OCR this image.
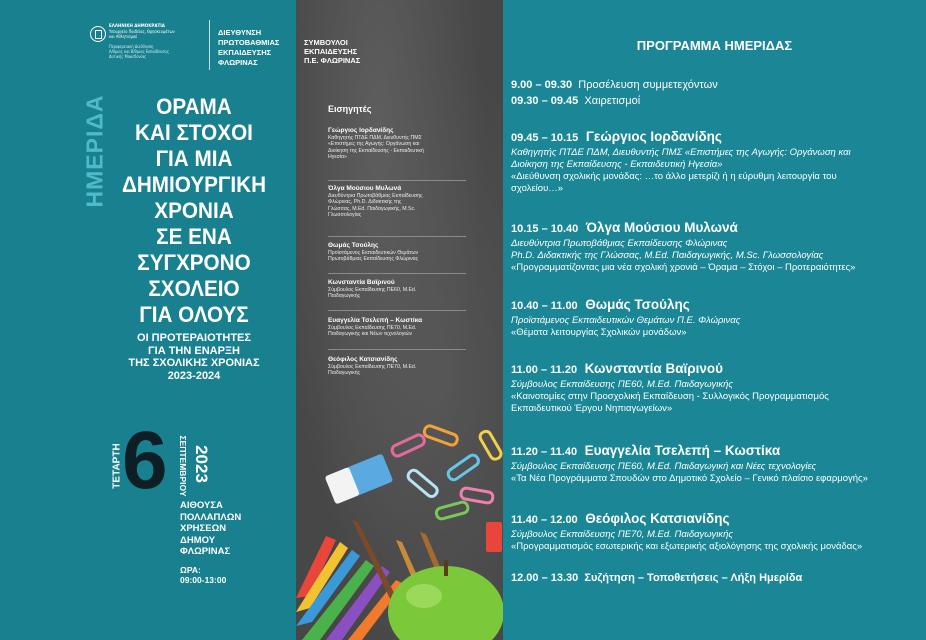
ΕΛΛΗΝΙΚΗ ΔΗΜΟΚΡΑΤΙΑ
Υπουργείο Παιδείας, Θρησκευμάτων
και Αθλητισμού
Περιφερειακή Διεύθυνση
Α/θμιας και Β/θμιας Εκπαίδευσης
Δυτικής Μακεδονίας
ΔΙΕΥΘΥΝΣΗ
ΠΡΩΤΟΒΑΘΜΙΑΣ
ΕΚΠΑΙΔΕΥΣΗΣ
ΦΛΩΡΙΝΑΣ
ΗΜΕΡΙΔΑ	ΟΡΑΜΑ
ΚΑΙ ΣΤΟΧΟΙ
ΓΙΑ ΜΙΑ
ΔΗΜΙΟΥΡΓΙΚΗ
ΧΡΟΝΙΑ
ΣΕ ΕΝΑ
ΣΥΓΧΡΟΝΟ
ΣΧΟΛΕΙΟ
ΓΙΑ ΟΛΟΥΣ
ΟΙ ΠΡΟΤΕΡΑΙΟΤΗΤΕΣ
ΓΙΑ ΤΗΝ ΕΝΑΡΞΗ
ΤΗΣ ΣΧΟΛΙΚΗΣ ΧΡΟΝΙΑΣ
2023-2024
ΤΕΤΑΡΤΗ 6 ΣΕΠΤΕΜΒΡΙΟΥ 2023
ΑΙΘΟΥΣΑ
ΠΟΛΛΑΠΛΩΝ
ΧΡΗΣΕΩΝ
ΔΗΜΟΥ
ΦΛΩΡΙΝΑΣ
ΩΡΑ:
09:00-13:00
ΣΥΜΒΟΥΛΟΙ
ΕΚΠΑΙΔΕΥΣΗΣ
Π.Ε. ΦΛΩΡΙΝΑΣ
Εισηγητές
Γεώργιος Ιορδανίδης
Καθηγητής ΠΤΔΕ ΠΔΜ, Διευθυντής ΠΜΣ
«Επιστήμες της Αγωγής: Οργάνωση και
Διοίκηση της Εκπαίδευσης - Εκπαιδευτική
Ηγεσία»
Όλγα Μούσιου Μυλωνά
Διευθύντρια Πρωτοβάθμιας Εκπαίδευσης
Φλώρινας, Ph.D. Διδακτικής της
Γλώσσας, M.Ed. Παιδαγωγικής, M.Sc.
Γλωσσολογίας
Θωμάς Τσούλης
Προϊστάμενος Εκπαιδευτικών Θεμάτων
Πρωτοβάθμιας Εκπαίδευσης Φλώρινας
Κωνσταντία Βαϊρινού
Σύμβουλος Εκπαίδευσης ΠΕ60, M.Ed.
Παιδαγωγικής
Ευαγγελία Τσελεπή – Κωστίκα
Σύμβουλος Εκπαίδευσης ΠΕ70, M.Ed.
Παιδαγωγικής και Νέων τεχνολογιών
Θεόφιλος Κατσιανίδης
Σύμβουλος Εκπαίδευσης ΠΕ70, M.Ed.
Παιδαγωγικής
ΠΡΟΓΡΑΜΜΑ ΗΜΕΡΙΔΑΣ
9.00 – 09.30 Προσέλευση συμμετεχόντων
09.30 – 09.45 Χαιρετισμοί
09.45 – 10.15 Γεώργιος Ιορδανίδης
Καθηγητής ΠΤΔΕ ΠΔΜ, Διευθυντής ΠΜΣ «Επιστήμες της Αγωγής: Οργάνωση και
Διοίκηση της Εκπαίδευσης - Εκπαιδευτική Ηγεσία»
«Διεύθυνση σχολικής μονάδας: …το άλλο μετερίζι ή η εύρυθμη λειτουργία του
σχολείου…»
10.15 – 10.40 Όλγα Μούσιου Μυλωνά
Διευθύντρια Πρωτοβάθμιας Εκπαίδευσης Φλώρινας
Ph.D. Διδακτικής της Γλώσσας, M.Ed. Παιδαγωγικής, M.Sc. Γλωσσολογίας
«Προγραμματίζοντας μια νέα σχολική χρονιά – Όραμα – Στόχοι – Προτεραιότητες»
10.40 – 11.00 Θωμάς Τσούλης
Προϊστάμενος Εκπαιδευτικών Θεμάτων Π.Ε. Φλώρινας
«Θέματα λειτουργίας Σχολικών μονάδων»
11.00 – 11.20 Κωνσταντία Βαϊρινού
Σύμβουλος Εκπαίδευσης ΠΕ60, M.Ed. Παιδαγωγικής
«Καινοτομίες στην Προσχολική Εκπαίδευση - Συλλογικός Προγραμματισμός
Εκπαιδευτικού Έργου Νηπιαγωγείων»
11.20 – 11.40 Ευαγγελία Τσελεπή – Κωστίκα
Σύμβουλος Εκπαίδευσης ΠΕ60, M.Ed. Παιδαγωγική και Νέες τεχνολογίες
«Τα Νέα Προγράμματα Σπουδών στο Δημοτικό Σχολείο – Γενικό πλαίσιο εφαρμογής»
11.40 – 12.00 Θεόφιλος Κατσιανίδης
Σύμβουλος Εκπαίδευσης ΠΕ70, M.Ed. Παιδαγωγικής
«Προγραμματισμός εσωτερικής και εξωτερικής αξιολόγησης της σχολικής μονάδας»
12.00 – 13.30 Συζήτηση – Τοποθετήσεις – Λήξη Ημερίδα
